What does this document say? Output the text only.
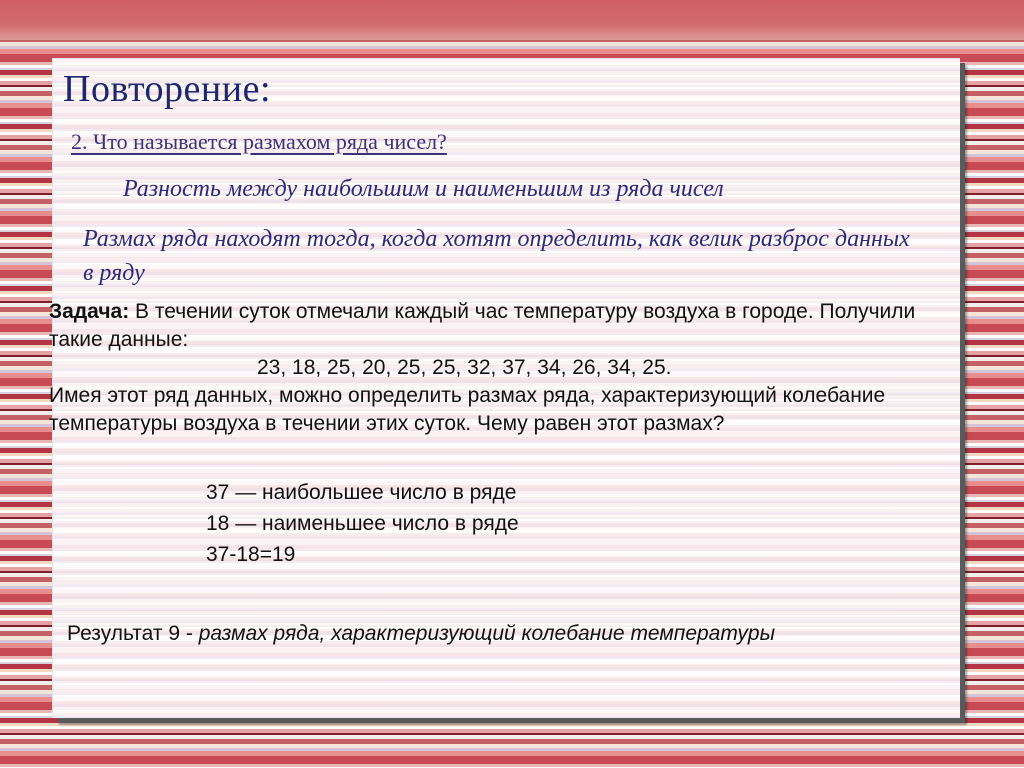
Повторение:
2. Что называется размахом ряда чисел?
Разность между наибольшим и наименьшим из ряда чисел
Размах ряда находят тогда, когда хотят определить, как велик разброс данных в ряду
Задача: В течении суток отмечали каждый час температуру воздуха в городе. Получили такие данные:
23, 18, 25, 20, 25, 25, 32, 37, 34, 26, 34, 25.
Имея этот ряд данных, можно определить размах ряда, характеризующий колебание температуры воздуха в течении этих суток. Чему равен этот размах?
37 — наибольшее число в ряде
18 — наименьшее число в ряде
37-18=19
Результат 9 - размах ряда, характеризующий колебание температуры
